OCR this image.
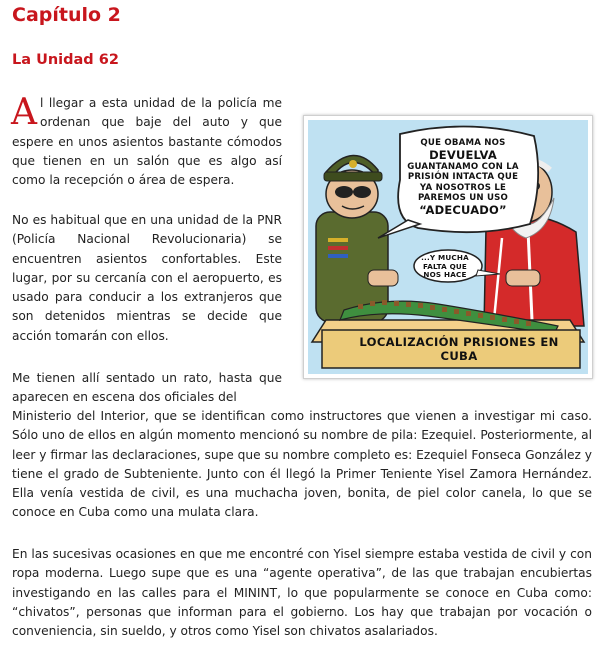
Capítulo 2
La Unidad 62

Al llegar a esta unidad de la policía me ordenan que baje del auto y que espere en unos asientos bastante cómodos que tienen en un salón que es algo así como la recepción o área de espera.

No es habitual que en una unidad de la PNR (Policía Nacional Revolucionaria) se encuentren asientos confortables. Este lugar, por su cercanía con el aeropuerto, es usado para conducir a los extranjeros que son detenidos mientras se decide que acción tomarán con ellos.

Me tienen allí sentado un rato, hasta que aparecen en escena dos oficiales del

Ministerio del Interior, que se identifican como instructores que vienen a investigar mi caso. Sólo uno de ellos en algún momento mencionó su nombre de pila: Ezequiel. Posteriormente, al leer y firmar las declaraciones, supe que su nombre completo es: Ezequiel Fonseca González y tiene el grado de Subteniente. Junto con él llegó la Primer Teniente Yisel Zamora Hernández. Ella venía vestida de civil, es una muchacha joven, bonita, de piel color canela, lo que se conoce en Cuba como una mulata clara.

En las sucesivas ocasiones en que me encontré con Yisel siempre estaba vestida de civil y con ropa moderna. Luego supe que es una “agente operativa”, de las que trabajan encubiertas investigando en las calles para el MININT, lo que popularmente se conoce en Cuba como: “chivatos”, personas que informan para el gobierno. Los hay que trabajan por vocación o conveniencia, sin sueldo, y otros como Yisel son chivatos asalariados.

QUE OBAMA NOS
DEVUELVA
GUANTANAMO CON LA PRISIÓN INTACTA QUE YA NOSOTROS LE PAREMOS UN USO
“ADECUADO”
...Y MUCHA FALTA QUE NOS HACE
LOCALIZACIÓN PRISIONES EN CUBA
